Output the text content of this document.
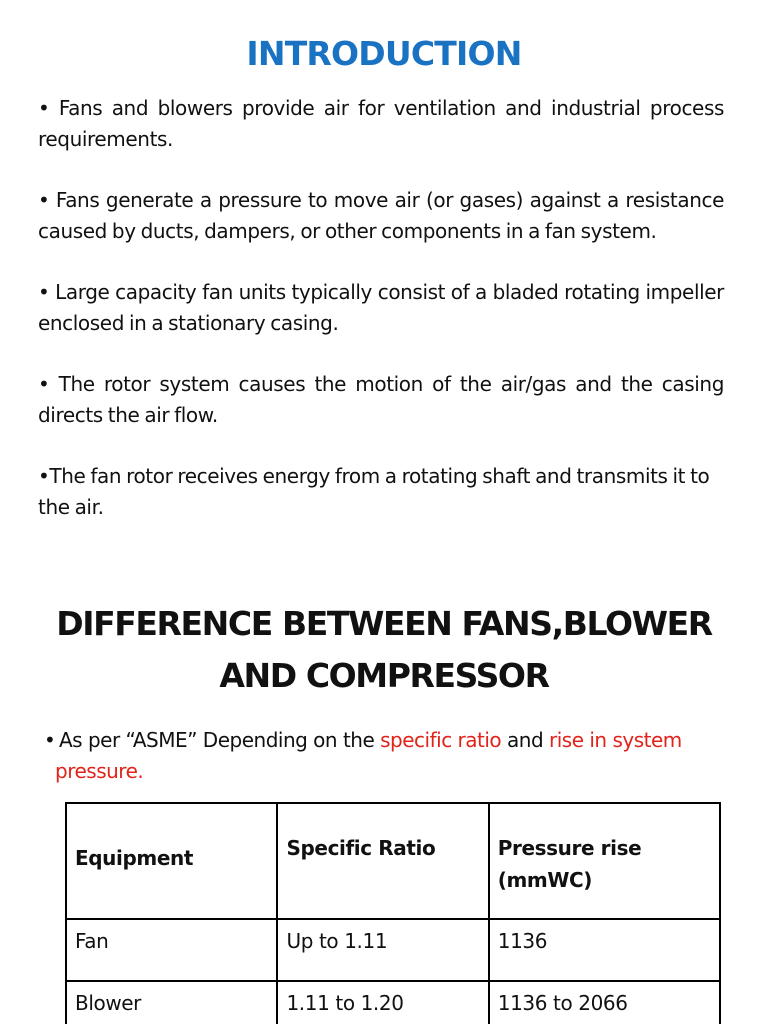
INTRODUCTION

• Fans and blowers provide air for ventilation and industrial process requirements.

• Fans generate a pressure to move air (or gases) against a resistance caused by ducts, dampers, or other components in a fan system.

• Large capacity fan units typically consist of a bladed rotating impeller enclosed in a stationary casing.

• The rotor system causes the motion of the air/gas and the casing directs the air flow.

•The fan rotor receives energy from a rotating shaft and transmits it to the air.

DIFFERENCE BETWEEN FANS,BLOWER
AND COMPRESSOR
• As per “ASME” Depending on the specific ratio and rise in system
pressure.
Equipment	Specific Ratio	Pressure rise
(mmWC)
Fan	Up to 1.11	1136
Blower	1.11 to 1.20	1136 to 2066
